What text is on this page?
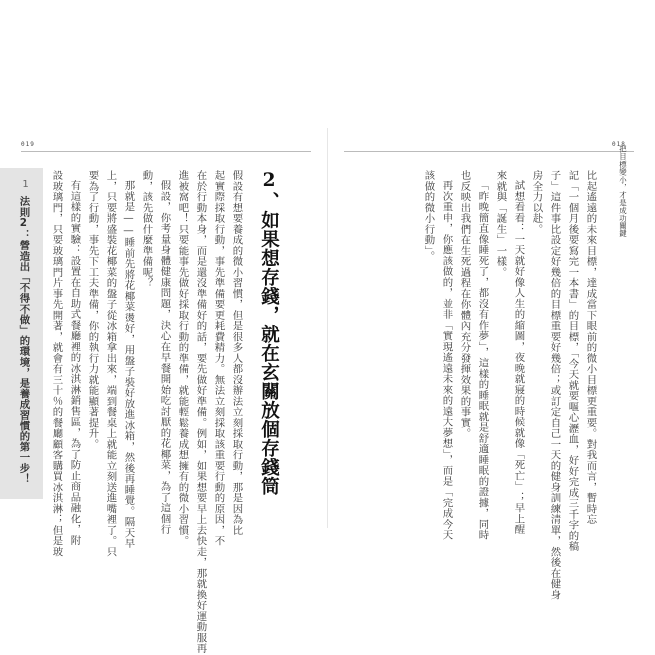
019
1
法則2：營造出「不得不做」的環境，是養成習慣的第一步！	2、如果想存錢，就在玄關放個存錢筒
假設有想要養成的微小習慣，但是很多人都沒辦法立刻採取行動，那是因為比
起實際採取行動，事先準備要更耗費精力。無法立刻採取該重要行動的原因，不
在於行動本身，而是還沒準備好的話，要先做好準備。例如，如果想要早上去快走，那就換好運動服再
進被窩吧！只要能事先做好採取行動的準備，就能輕鬆養成想擁有的微小習慣。
假設，你考量身體健康問題，決心在早餐開始吃討厭的花椰菜，為了這個行
動，該先做什麼準備呢？
那就是——睡前先將花椰菜燙好，用盤子裝好放進冰箱，然後再睡覺。隔天早
上，只要將盛裝花椰菜的盤子從冰箱拿出來，端到餐桌上就能立刻送進嘴裡了。只
要為了行動，事先下工夫準備，你的執行力就能顯著提升。
有這樣的實驗：設置在自助式餐廳裡的冰淇淋銷售區，為了防止商品融化，附
設玻璃門，只要玻璃門片事先開著，就會有三十％的餐廳顧客購買冰淇淋；但是玻
018
把目標變小，才是成功關鍵
比起遙遠的未來目標，達成當下眼前的微小目標更重要。對我而言，暫時忘
記「一個月後要寫完一本書」的目標，「今天就要嘔心瀝血，好好完成三千字的稿
子」這件事比設定好幾倍的目標重要好幾倍；或訂定自己一天的健身訓練清單，然後在健身
房全力以赴。
試想看看：一天就好像人生的縮圖，夜晚就寢的時候就像「死亡」；早上醒
來就與「誕生」一樣。
「昨晚簡直像睡死了，都沒有作夢」，這樣的睡眠就是舒適睡眠的證據，同時
也反映出我們在生死過程在你體內充分發揮效果的事實。
再次重申，你應該做的，並非「實現遙遠未來的遠大夢想」，而是「完成今天
該做的微小行動」。
